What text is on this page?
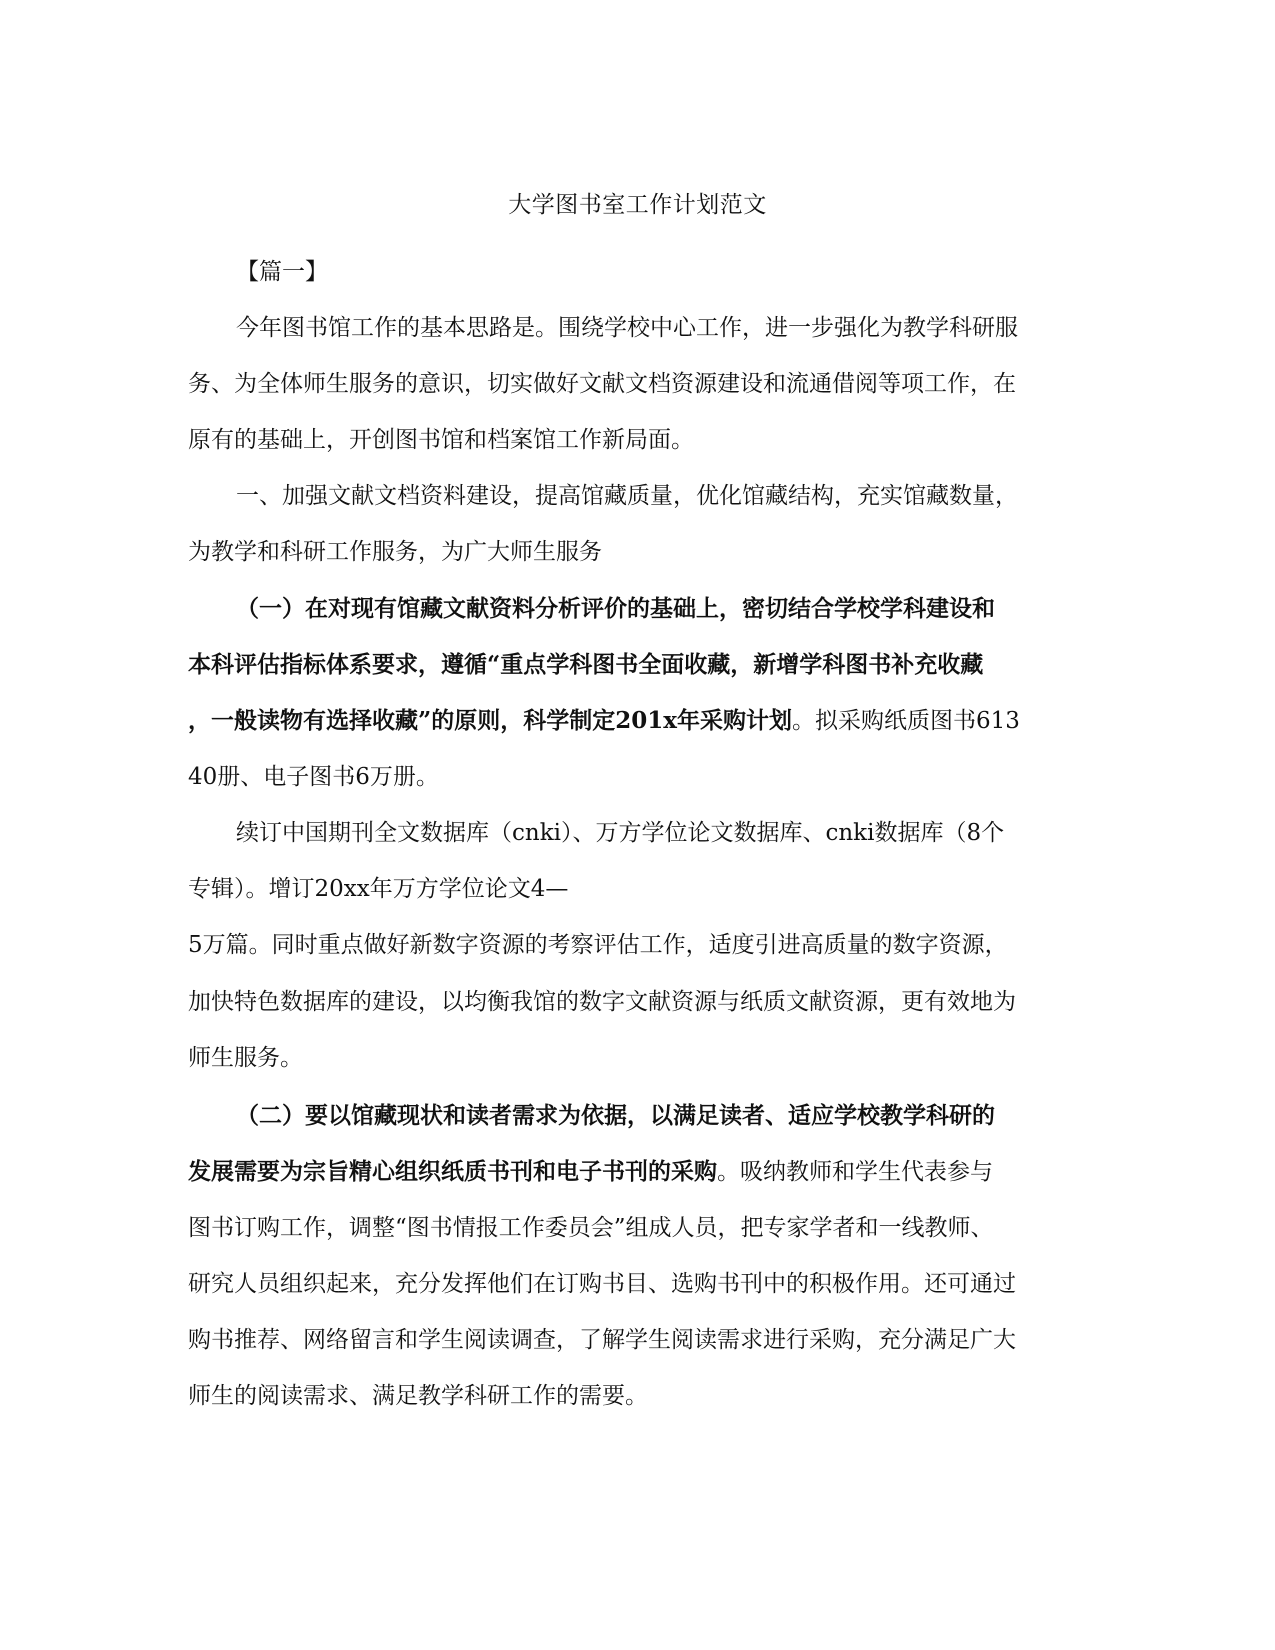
大学图书室工作计划范文

【篇一】

今年图书馆工作的基本思路是。围绕学校中心工作，进一步强化为教学科研服

务、为全体师生服务的意识，切实做好文献文档资源建设和流通借阅等项工作，在

原有的基础上，开创图书馆和档案馆工作新局面。

一、加强文献文档资料建设，提高馆藏质量，优化馆藏结构，充实馆藏数量，

为教学和科研工作服务，为广大师生服务

（一）在对现有馆藏文献资料分析评价的基础上，密切结合学校学科建设和

本科评估指标体系要求，遵循“重点学科图书全面收藏，新增学科图书补充收藏

，一般读物有选择收藏”的原则，科学制定201x年采购计划。拟采购纸质图书613

40册、电子图书6万册。

续订中国期刊全文数据库（cnki）、万方学位论文数据库、cnki数据库（8个

专辑）。增订20xx年万方学位论文4—

5万篇。同时重点做好新数字资源的考察评估工作，适度引进高质量的数字资源，

加快特色数据库的建设，以均衡我馆的数字文献资源与纸质文献资源，更有效地为

师生服务。

（二）要以馆藏现状和读者需求为依据，以满足读者、适应学校教学科研的

发展需要为宗旨精心组织纸质书刊和电子书刊的采购。吸纳教师和学生代表参与

图书订购工作，调整“图书情报工作委员会”组成人员，把专家学者和一线教师、

研究人员组织起来，充分发挥他们在订购书目、选购书刊中的积极作用。还可通过

购书推荐、网络留言和学生阅读调查，了解学生阅读需求进行采购，充分满足广大

师生的阅读需求、满足教学科研工作的需要。
